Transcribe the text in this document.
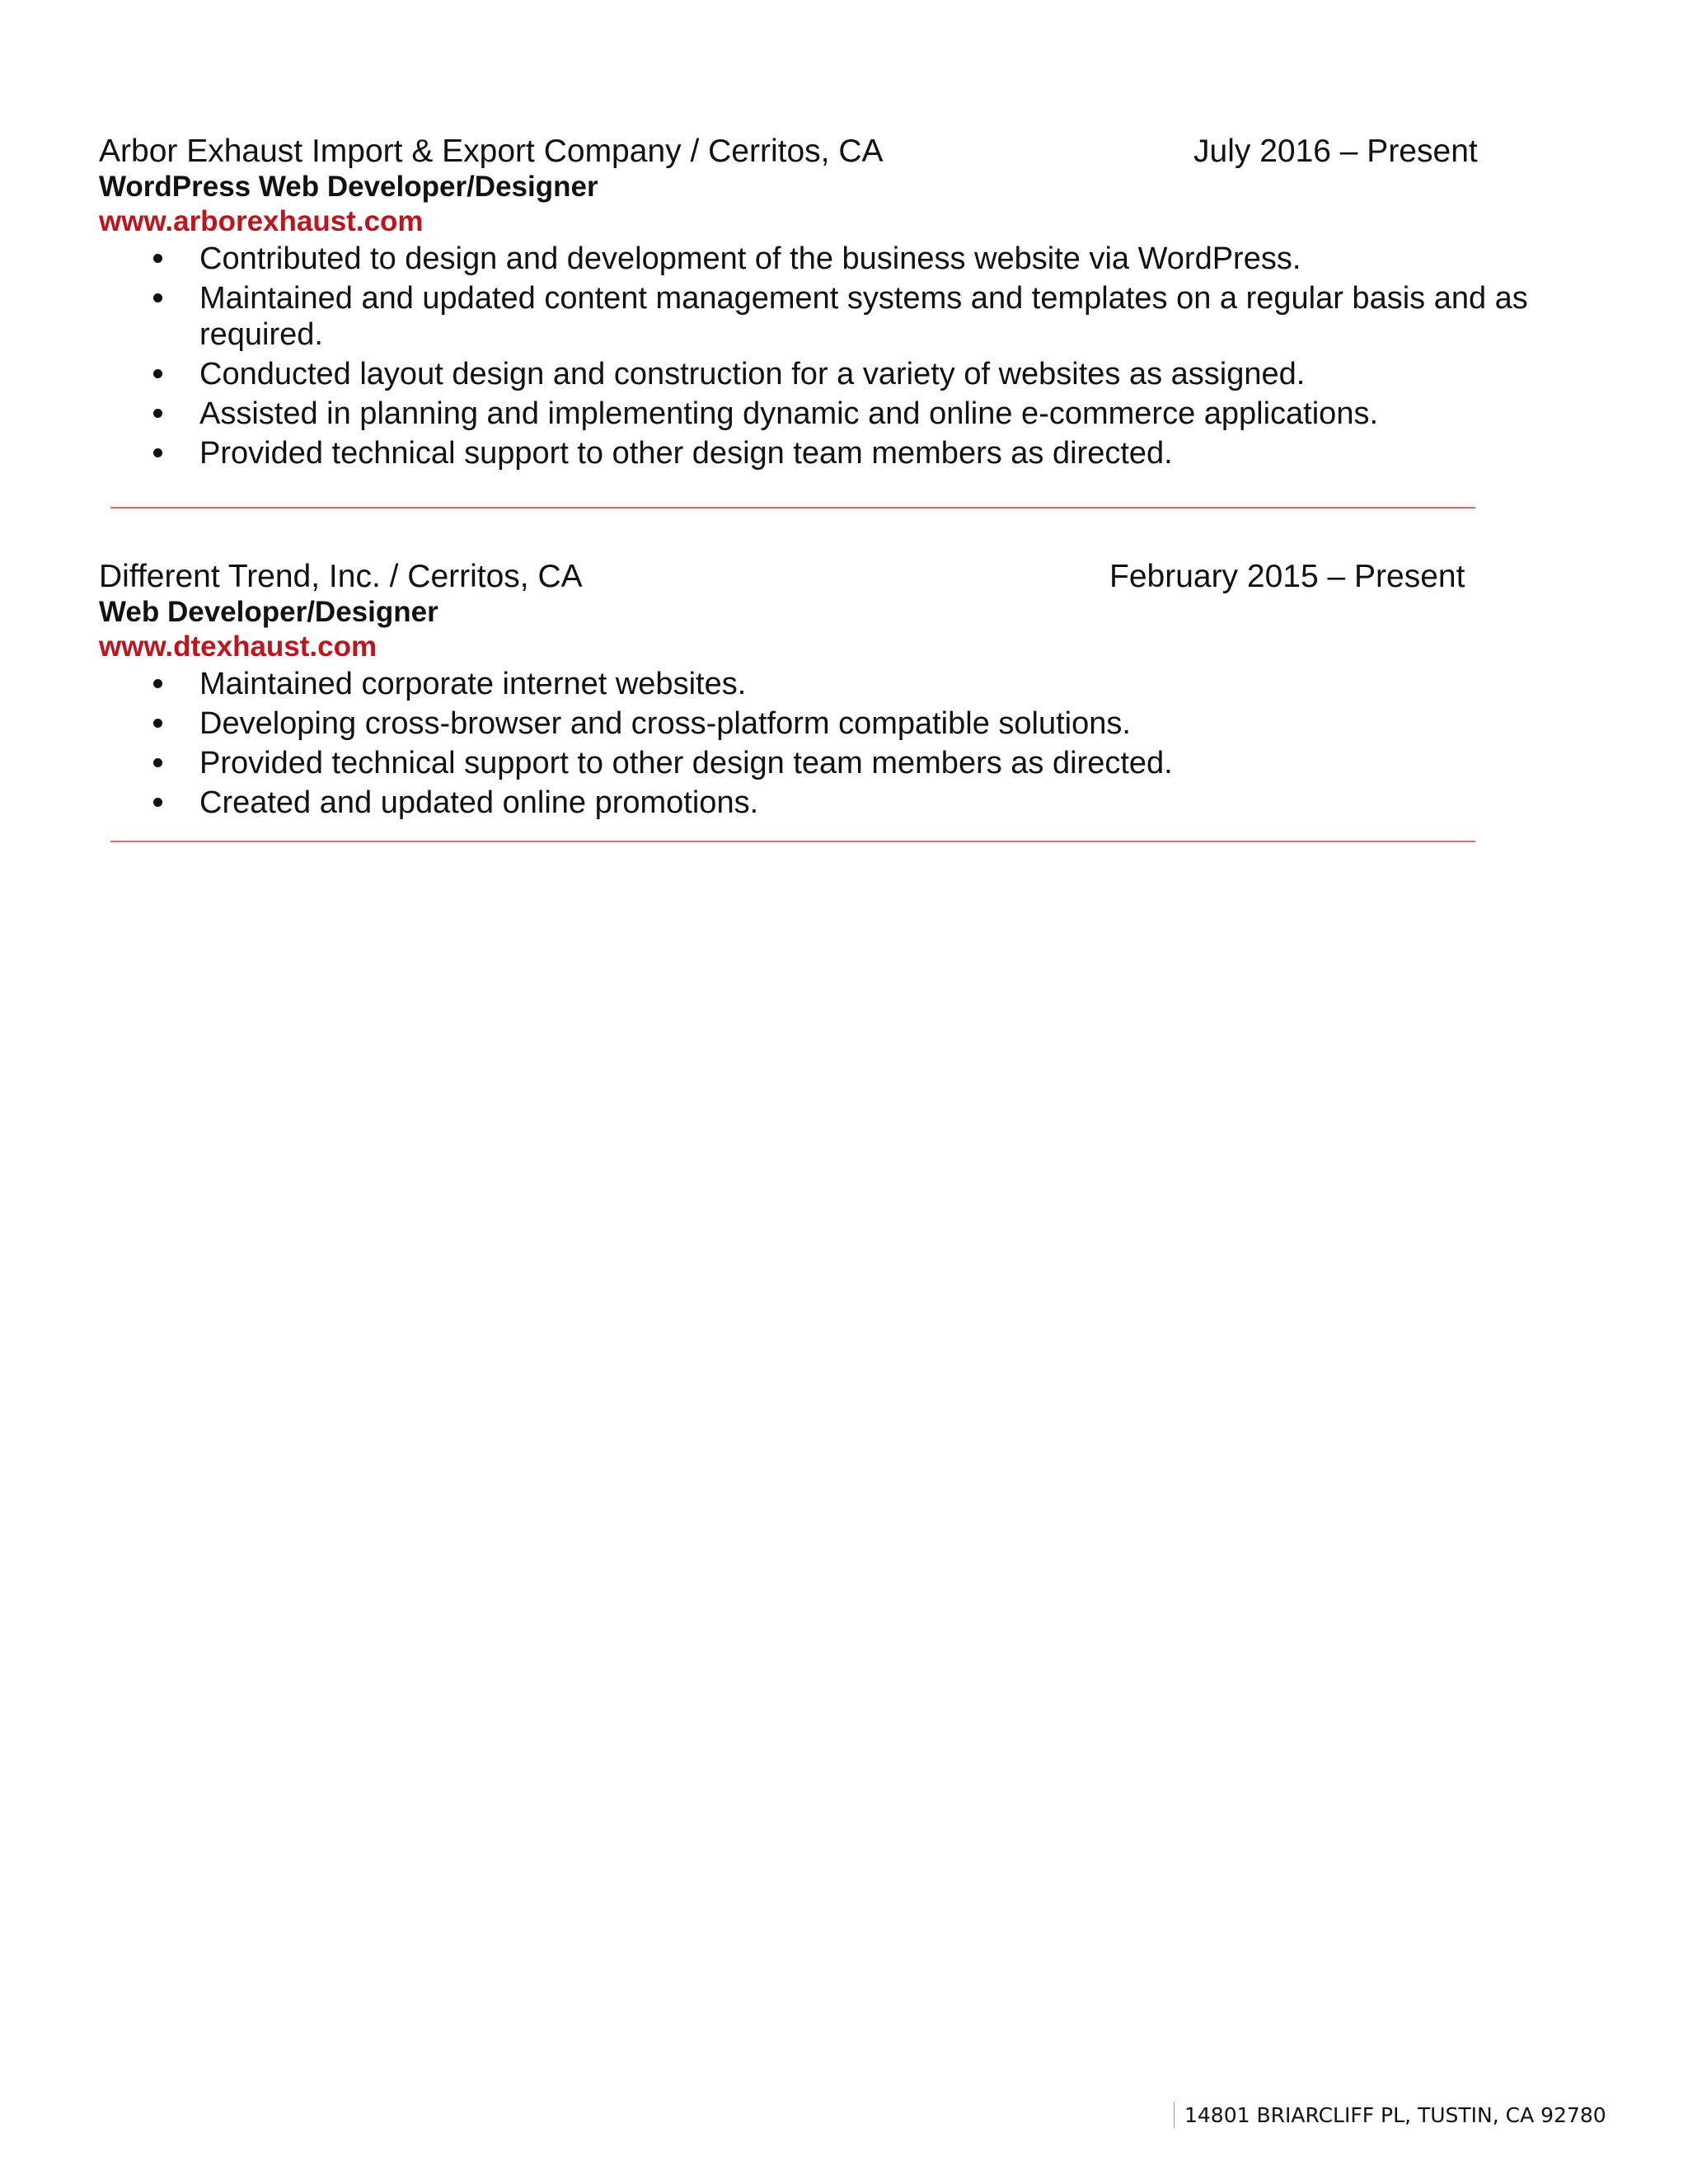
Arbor Exhaust Import & Export Company / Cerritos, CA	July 2016 – Present
WordPress Web Developer/Designer
www.arborexhaust.com
Contributed to design and development of the business website via WordPress.
Maintained and updated content management systems and templates on a regular basis and as required.
Conducted layout design and construction for a variety of websites as assigned.
Assisted in planning and implementing dynamic and online e-commerce applications.
Provided technical support to other design team members as directed.
Different Trend, Inc. / Cerritos, CA	February 2015 – Present
Web Developer/Designer
www.dtexhaust.com
Maintained corporate internet websites.
Developing cross-browser and cross-platform compatible solutions.
Provided technical support to other design team members as directed.
Created and updated online promotions.
14801 BRIARCLIFF PL, TUSTIN, CA 92780
